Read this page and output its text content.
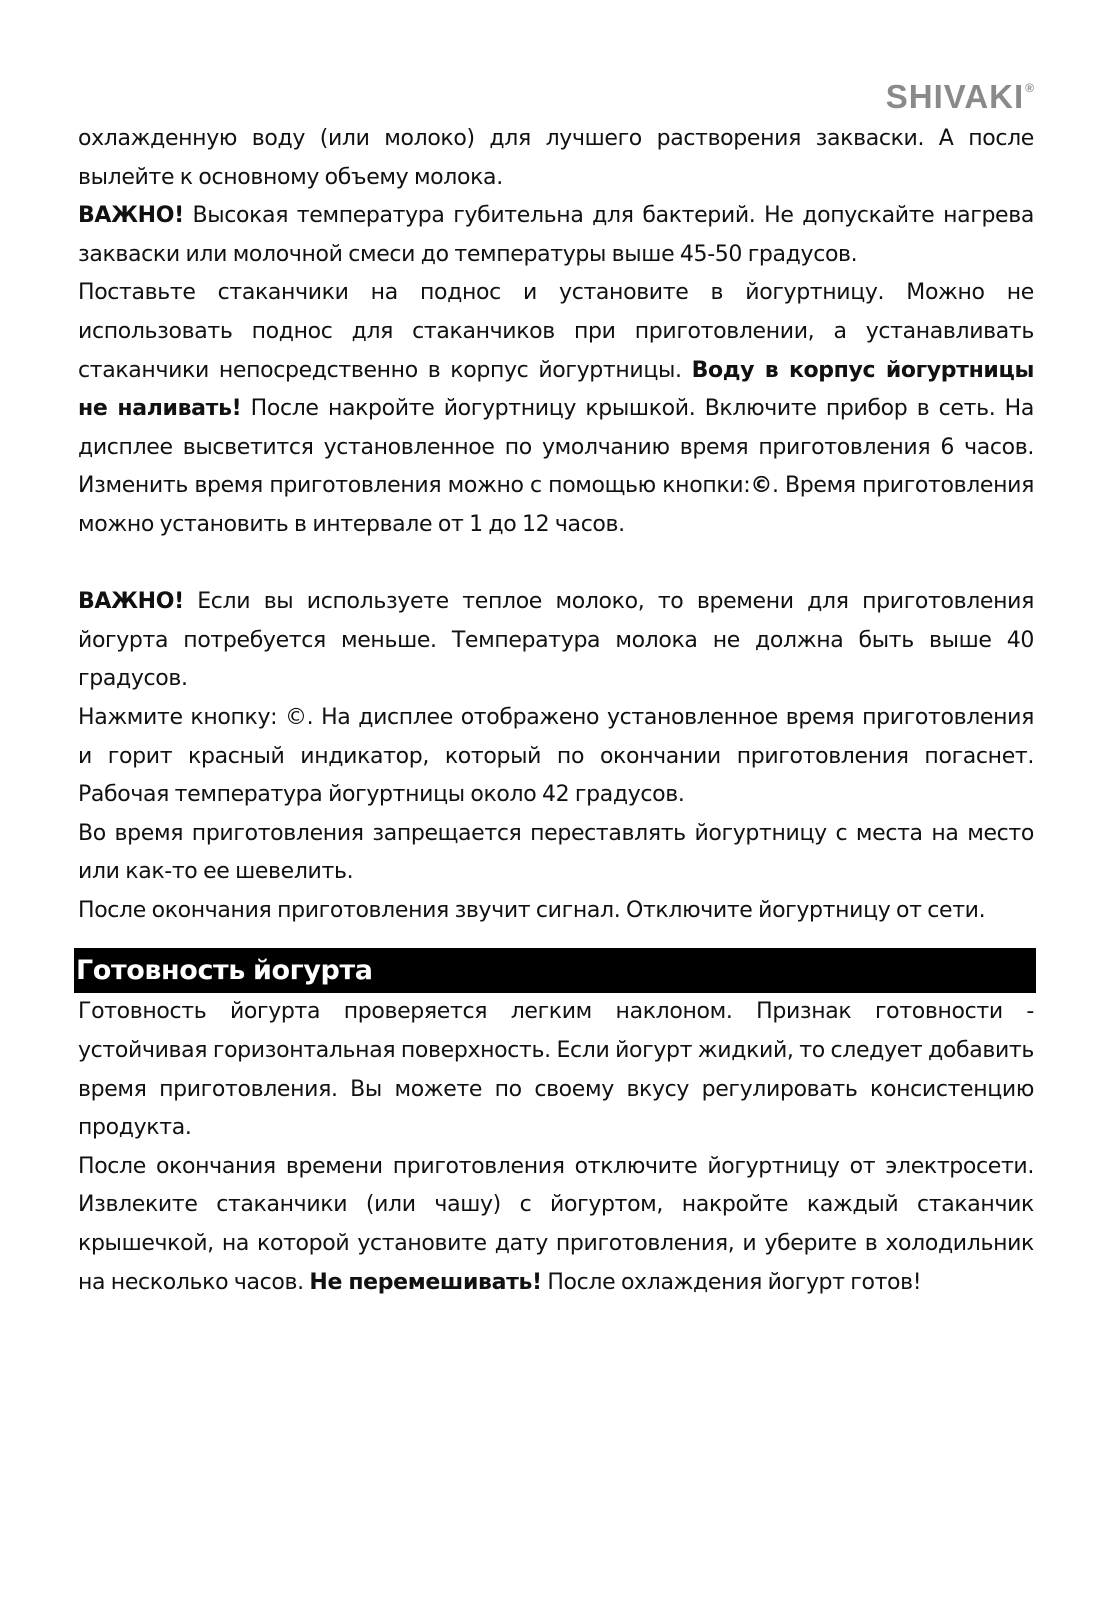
SHIVAKI®

охлажденную воду (или молоко) для лучшего растворения закваски. А после вылейте к основному объему молока.

ВАЖНО! Высокая температура губительна для бактерий. Не допускайте нагрева закваски или молочной смеси до температуры выше 45-50 градусов.

Поставьте стаканчики на поднос и установите в йогуртницу. Можно не использовать поднос для стаканчиков при приготовлении, а устанавливать стаканчики непосредственно в корпус йогуртницы. Воду в корпус йогуртницы не наливать! После накройте йогуртницу крышкой. Включите прибор в сеть. На дисплее высветится установленное по умолчанию время приготовления 6 часов. Изменить время приготовления можно с помощью кнопки:©. Время приготовления можно установить в интервале от 1 до 12 часов.

ВАЖНО! Если вы используете теплое молоко, то времени для приготовления йогурта потребуется меньше. Температура молока не должна быть выше 40 градусов.

Нажмите кнопку: ©. На дисплее отображено установленное время приготовления и горит красный индикатор, который по окончании приготовления погаснет. Рабочая температура йогуртницы около 42 градусов.

Во время приготовления запрещается переставлять йогуртницу с места на место или как-то ее шевелить.

После окончания приготовления звучит сигнал. Отключите йогуртницу от сети.

Готовность йогурта

Готовность йогурта проверяется легким наклоном. Признак готовности - устойчивая горизонтальная поверхность. Если йогурт жидкий, то следует добавить время приготовления. Вы можете по своему вкусу регулировать консистенцию продукта.

После окончания времени приготовления отключите йогуртницу от электросети. Извлеките стаканчики (или чашу) с йогуртом, накройте каждый стаканчик крышечкой, на которой установите дату приготовления, и уберите в холодильник на несколько часов. Не перемешивать! После охлаждения йогурт готов!
